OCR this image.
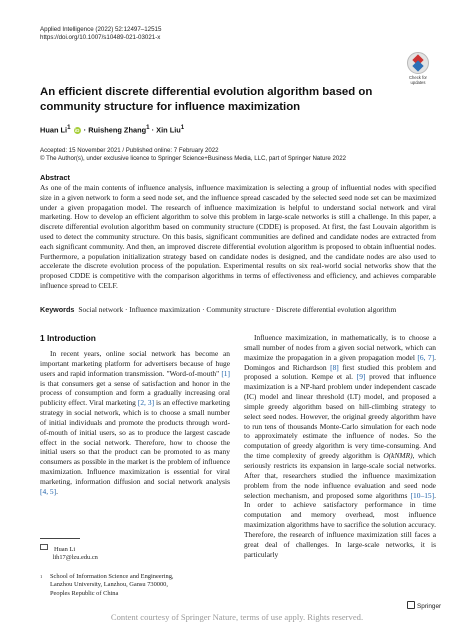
Applied Intelligence (2022) 52:12497–12515
https://doi.org/10.1007/s10489-021-03021-x
Check for
updates
An efficient discrete differential evolution algorithm based on community structure for influence maximization
Huan Li$^1$ iD · Ruisheng Zhang$^1$ · Xin Liu$^1$
Accepted: 15 November 2021 / Published online: 7 February 2022
© The Author(s), under exclusive licence to Springer Science+Business Media, LLC, part of Springer Nature 2022
Abstract

As one of the main contents of influence analysis, influence maximization is selecting a group of influential nodes with specified size in a given network to form a seed node set, and the influence spread cascaded by the selected seed node set can be maximized under a given propagation model. The research of influence maximization is helpful to understand social network and viral marketing. How to develop an efficient algorithm to solve this problem in large-scale networks is still a challenge. In this paper, a discrete differential evolution algorithm based on community structure (CDDE) is proposed. At first, the fast Louvain algorithm is used to detect the community structure. On this basis, significant communities are defined and candidate nodes are extracted from each significant community. And then, an improved discrete differential evolution algorithm is proposed to obtain influential nodes. Furthermore, a population initialization strategy based on candidate nodes is designed, and the candidate nodes are also used to accelerate the discrete evolution process of the population. Experimental results on six real-world social networks show that the proposed CDDE is competitive with the comparison algorithms in terms of effectiveness and efficiency, and achieves comparable influence spread to CELF.

Keywords Social network · Influence maximization · Community structure · Discrete differential evolution algorithm
1 Introduction

In recent years, online social network has become an important marketing platform for advertisers because of huge users and rapid information transmission. "Word-of-mouth" [1] is that consumers get a sense of satisfaction and honor in the process of consumption and form a gradually increasing oral publicity effect. Viral marketing [2, 3] is an effective marketing strategy in social network, which is to choose a small number of initial individuals and promote the products through word-of-mouth of initial users, so as to produce the largest cascade effect in the social network. Therefore, how to choose the initial users so that the product can be promoted to as many consumers as possible in the market is the problem of influence maximization. Influence maximization is essential for viral marketing, information diffusion and social network analysis [4, 5].

Influence maximization, in mathematically, is to choose a small number of nodes from a given social network, which can maximize the propagation in a given propagation model [6, 7]. Domingos and Richardson [8] first studied this problem and proposed a solution. Kempe et al. [9] proved that influence maximization is a NP-hard problem under independent cascade (IC) model and linear threshold (LT) model, and proposed a simple greedy algorithm based on hill-climbing strategy to select seed nodes. However, the original greedy algorithm have to run tens of thousands Monte-Carlo simulation for each node to approximately estimate the influence of nodes. So the computation of greedy algorithm is very time-consuming. And the time complexity of greedy algorithm is O(kNMR), which seriously restricts its expansion in large-scale social networks. After that, researchers studied the influence maximization problem from the node influence evaluation and seed node selection mechanism, and proposed some algorithms [10–15]. In order to achieve satisfactory performance in time computation and memory overhead, most influence maximization algorithms have to sacrifice the solution accuracy. Therefore, the research of influence maximization still faces a great deal of challenges. In large-scale networks, it is particularly

Huan Li
lih17@lzu.edu.cn
1 School of Information Science and Engineering,
Lanzhou University, Lanzhou, Gansu 730000,
Peoples Republic of China
Springer
Content courtesy of Springer Nature, terms of use apply. Rights reserved.
